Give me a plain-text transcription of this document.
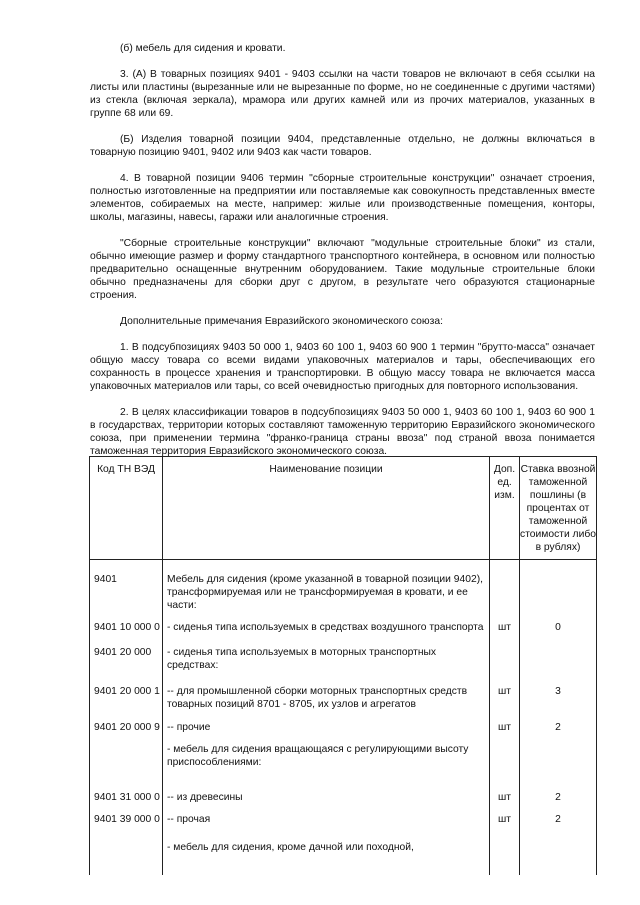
(б) мебель для сидения и кровати.

3. (А) В товарных позициях 9401 - 9403 ссылки на части товаров не включают в себя ссылки на листы или пластины (вырезанные или не вырезанные по форме, но не соединенные с другими частями) из стекла (включая зеркала), мрамора или других камней или из прочих материалов, указанных в группе 68 или 69.

(Б) Изделия товарной позиции 9404, представленные отдельно, не должны включаться в товарную позицию 9401, 9402 или 9403 как части товаров.

4. В товарной позиции 9406 термин "сборные строительные конструкции" означает строения, полностью изготовленные на предприятии или поставляемые как совокупность представленных вместе элементов, собираемых на месте, например: жилые или производственные помещения, конторы, школы, магазины, навесы, гаражи или аналогичные строения.

"Сборные строительные конструкции" включают "модульные строительные блоки" из стали, обычно имеющие размер и форму стандартного транспортного контейнера, в основном или полностью предварительно оснащенные внутренним оборудованием. Такие модульные строительные блоки обычно предназначены для сборки друг с другом, в результате чего образуются стационарные строения.

Дополнительные примечания Евразийского экономического союза:

1. В подсубпозициях 9403 50 000 1, 9403 60 100 1, 9403 60 900 1 термин "брутто-масса" означает общую массу товара со всеми видами упаковочных материалов и тары, обеспечивающих его сохранность в процессе хранения и транспортировки. В общую массу товара не включается масса упаковочных материалов или тары, со всей очевидностью пригодных для повторного использования.

2. В целях классификации товаров в подсубпозициях 9403 50 000 1, 9403 60 100 1, 9403 60 900 1 в государствах, территории которых составляют таможенную территорию Евразийского экономического союза, при применении термина "франко-граница страны ввоза" под страной ввоза понимается таможенная территория Евразийского экономического союза.

Код ТН ВЭД	Наименование позиции	Доп. ед. изм.	Ставка ввозной таможенной пошлины (в процентах от таможенной стоимости либо в рублях)

9401	Мебель для сидения (кроме указанной в товарной позиции 9402), трансформируемая или не трансформируемая в кровати, и ее части:		

9401 10 000 0	- сиденья типа используемых в средствах воздушного транспорта	шт	0

9401 20 000	- сиденья типа используемых в моторных транспортных средствах:		

9401 20 000 1	-- для промышленной сборки моторных транспортных средств товарных позиций 8701 - 8705, их узлов и агрегатов	шт	3

9401 20 000 9	-- прочие	шт	2

	- мебель для сидения вращающаяся с регулирующими высоту приспособлениями:		

9401 31 000 0	-- из древесины	шт	2

9401 39 000 0	-- прочая	шт	2

	- мебель для сидения, кроме дачной или походной,		
